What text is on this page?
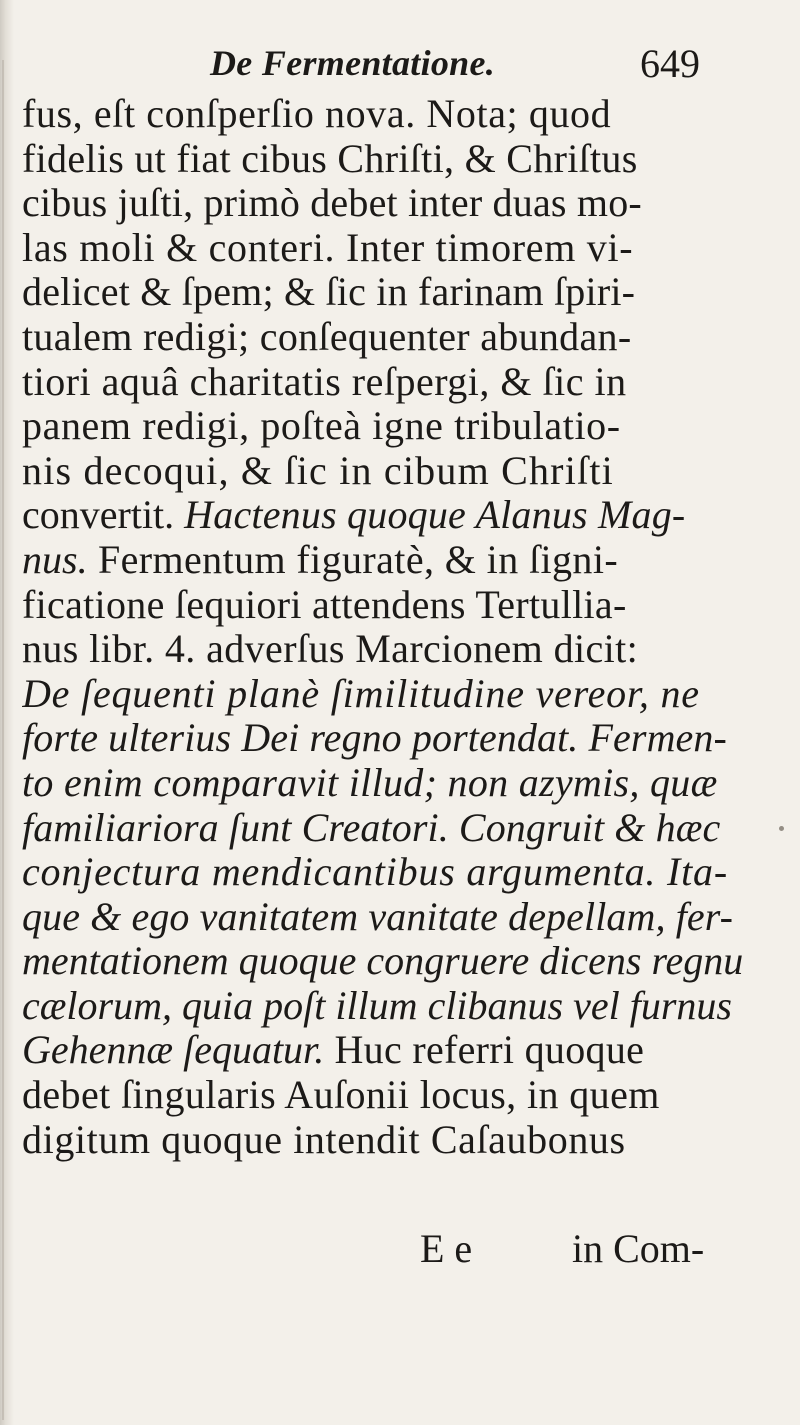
De Fermentatione.	649
fus, eſt conſperſio nova. Nota; quod
fidelis ut fiat cibus Chriſti, & Chriſtus
cibus juſti, primò debet inter duas mo-
las moli & conteri. Inter timorem vi-
delicet & ſpem; & ſic in farinam ſpiri-
tualem redigi; conſequenter abundan-
tiori aquâ charitatis reſpergi, & ſic in
panem redigi, poſteà igne tribulatio-
nis decoqui, & ſic in cibum Chriſti
convertit. Hactenus quoque Alanus Mag-
nus. Fermentum figuratè, & in ſigni-
ficatione ſequiori attendens Tertullia-
nus libr. 4. adverſus Marcionem dicit:
De ſequenti planè ſimilitudine vereor, ne
forte ulterius Dei regno portendat. Fermen-
to enim comparavit illud; non azymis, quæ
familiariora ſunt Creatori. Congruit & hæc
conjectura mendicantibus argumenta. Ita-
que & ego vanitatem vanitate depellam, fer-
mentationem quoque congruere dicens regnu
cælorum, quia poſt illum clibanus vel furnus
Gehennæ ſequatur. Huc referri quoque
debet ſingularis Auſonii locus, in quem
digitum quoque intendit Caſaubonus
E e in Com-
